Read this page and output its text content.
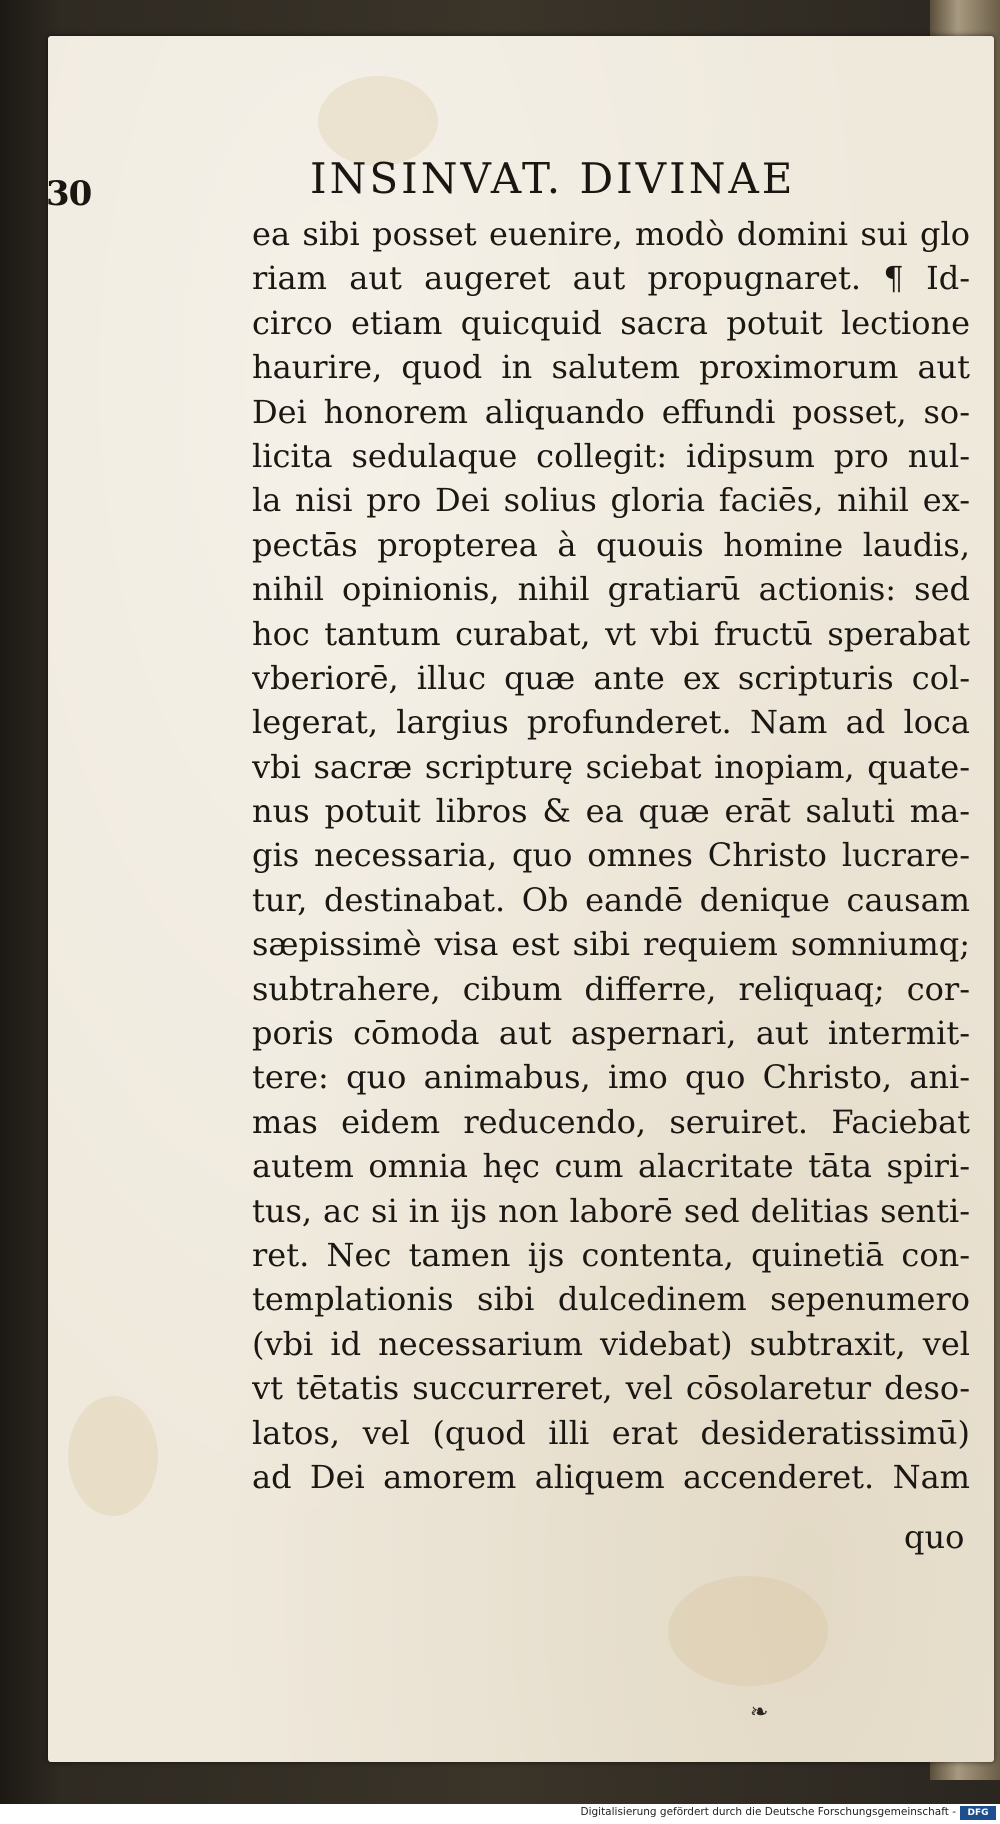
30	INSINVAT. DIVINAE
ea sibi posset euenire, modò domini sui glo
riam aut augeret aut propugnaret. ¶ Id-
circo etiam quicquid sacra potuit lectione
haurire, quod in salutem proximorum aut
Dei honorem aliquando effundi posset, so-
licita sedulaque collegit: idipsum pro nul-
la nisi pro Dei solius gloria faciēs, nihil ex-
pectās propterea à quouis homine laudis,
nihil opinionis, nihil gratiarū actionis: sed
hoc tantum curabat, vt vbi fructū sperabat
vberiorē, illuc quæ ante ex scripturis col-
legerat, largius profunderet. Nam ad loca
vbi sacræ scripturę sciebat inopiam, quate-
nus potuit libros & ea quæ erāt saluti ma-
gis necessaria, quo omnes Christo lucrare-
tur, destinabat. Ob eandē denique causam
sæpissimè visa est sibi requiem somniumq;
subtrahere, cibum differre, reliquaq; cor-
poris cōmoda aut aspernari, aut intermit-
tere: quo animabus, imo quo Christo, ani-
mas eidem reducendo, seruiret. Faciebat
autem omnia hęc cum alacritate tāta spiri-
tus, ac si in ijs non laborē sed delitias senti-
ret. Nec tamen ijs contenta, quinetiā con-
templationis sibi dulcedinem sepenumero
(vbi id necessarium videbat) subtraxit, vel
vt tētatis succurreret, vel cōsolaretur deso-
latos, vel (quod illi erat desideratissimū)
ad Dei amorem aliquem accenderet. Nam
quo
❧
Digitalisierung gefördert durch die Deutsche Forschungsgemeinschaft -	DFG
